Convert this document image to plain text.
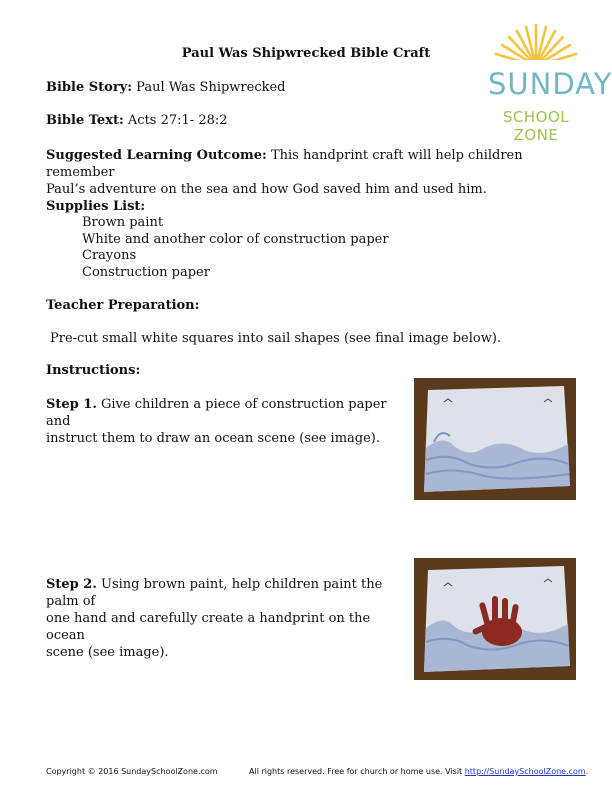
Paul Was Shipwrecked Bible Craft
SUNDAY
SCHOOL ZONE
Bible Story: Paul Was Shipwrecked
Bible Text: Acts 27:1- 28:2
Suggested Learning Outcome: This handprint craft will help children remember
Paul’s adventure on the sea and how God saved him and used him.
Supplies List:
Brown paint
White and another color of construction paper
Crayons
Construction paper
Teacher Preparation:
Pre-cut small white squares into sail shapes (see final image below).
Instructions:
Step 1. Give children a piece of construction paper and
instruct them to draw an ocean scene (see image).
Step 2. Using brown paint, help children paint the palm of
one hand and carefully create a handprint on the ocean
scene (see image).
Copyright © 2016 SundaySchoolZone.com	All rights reserved. Free for church or home use. Visit http://SundaySchoolZone.com.
